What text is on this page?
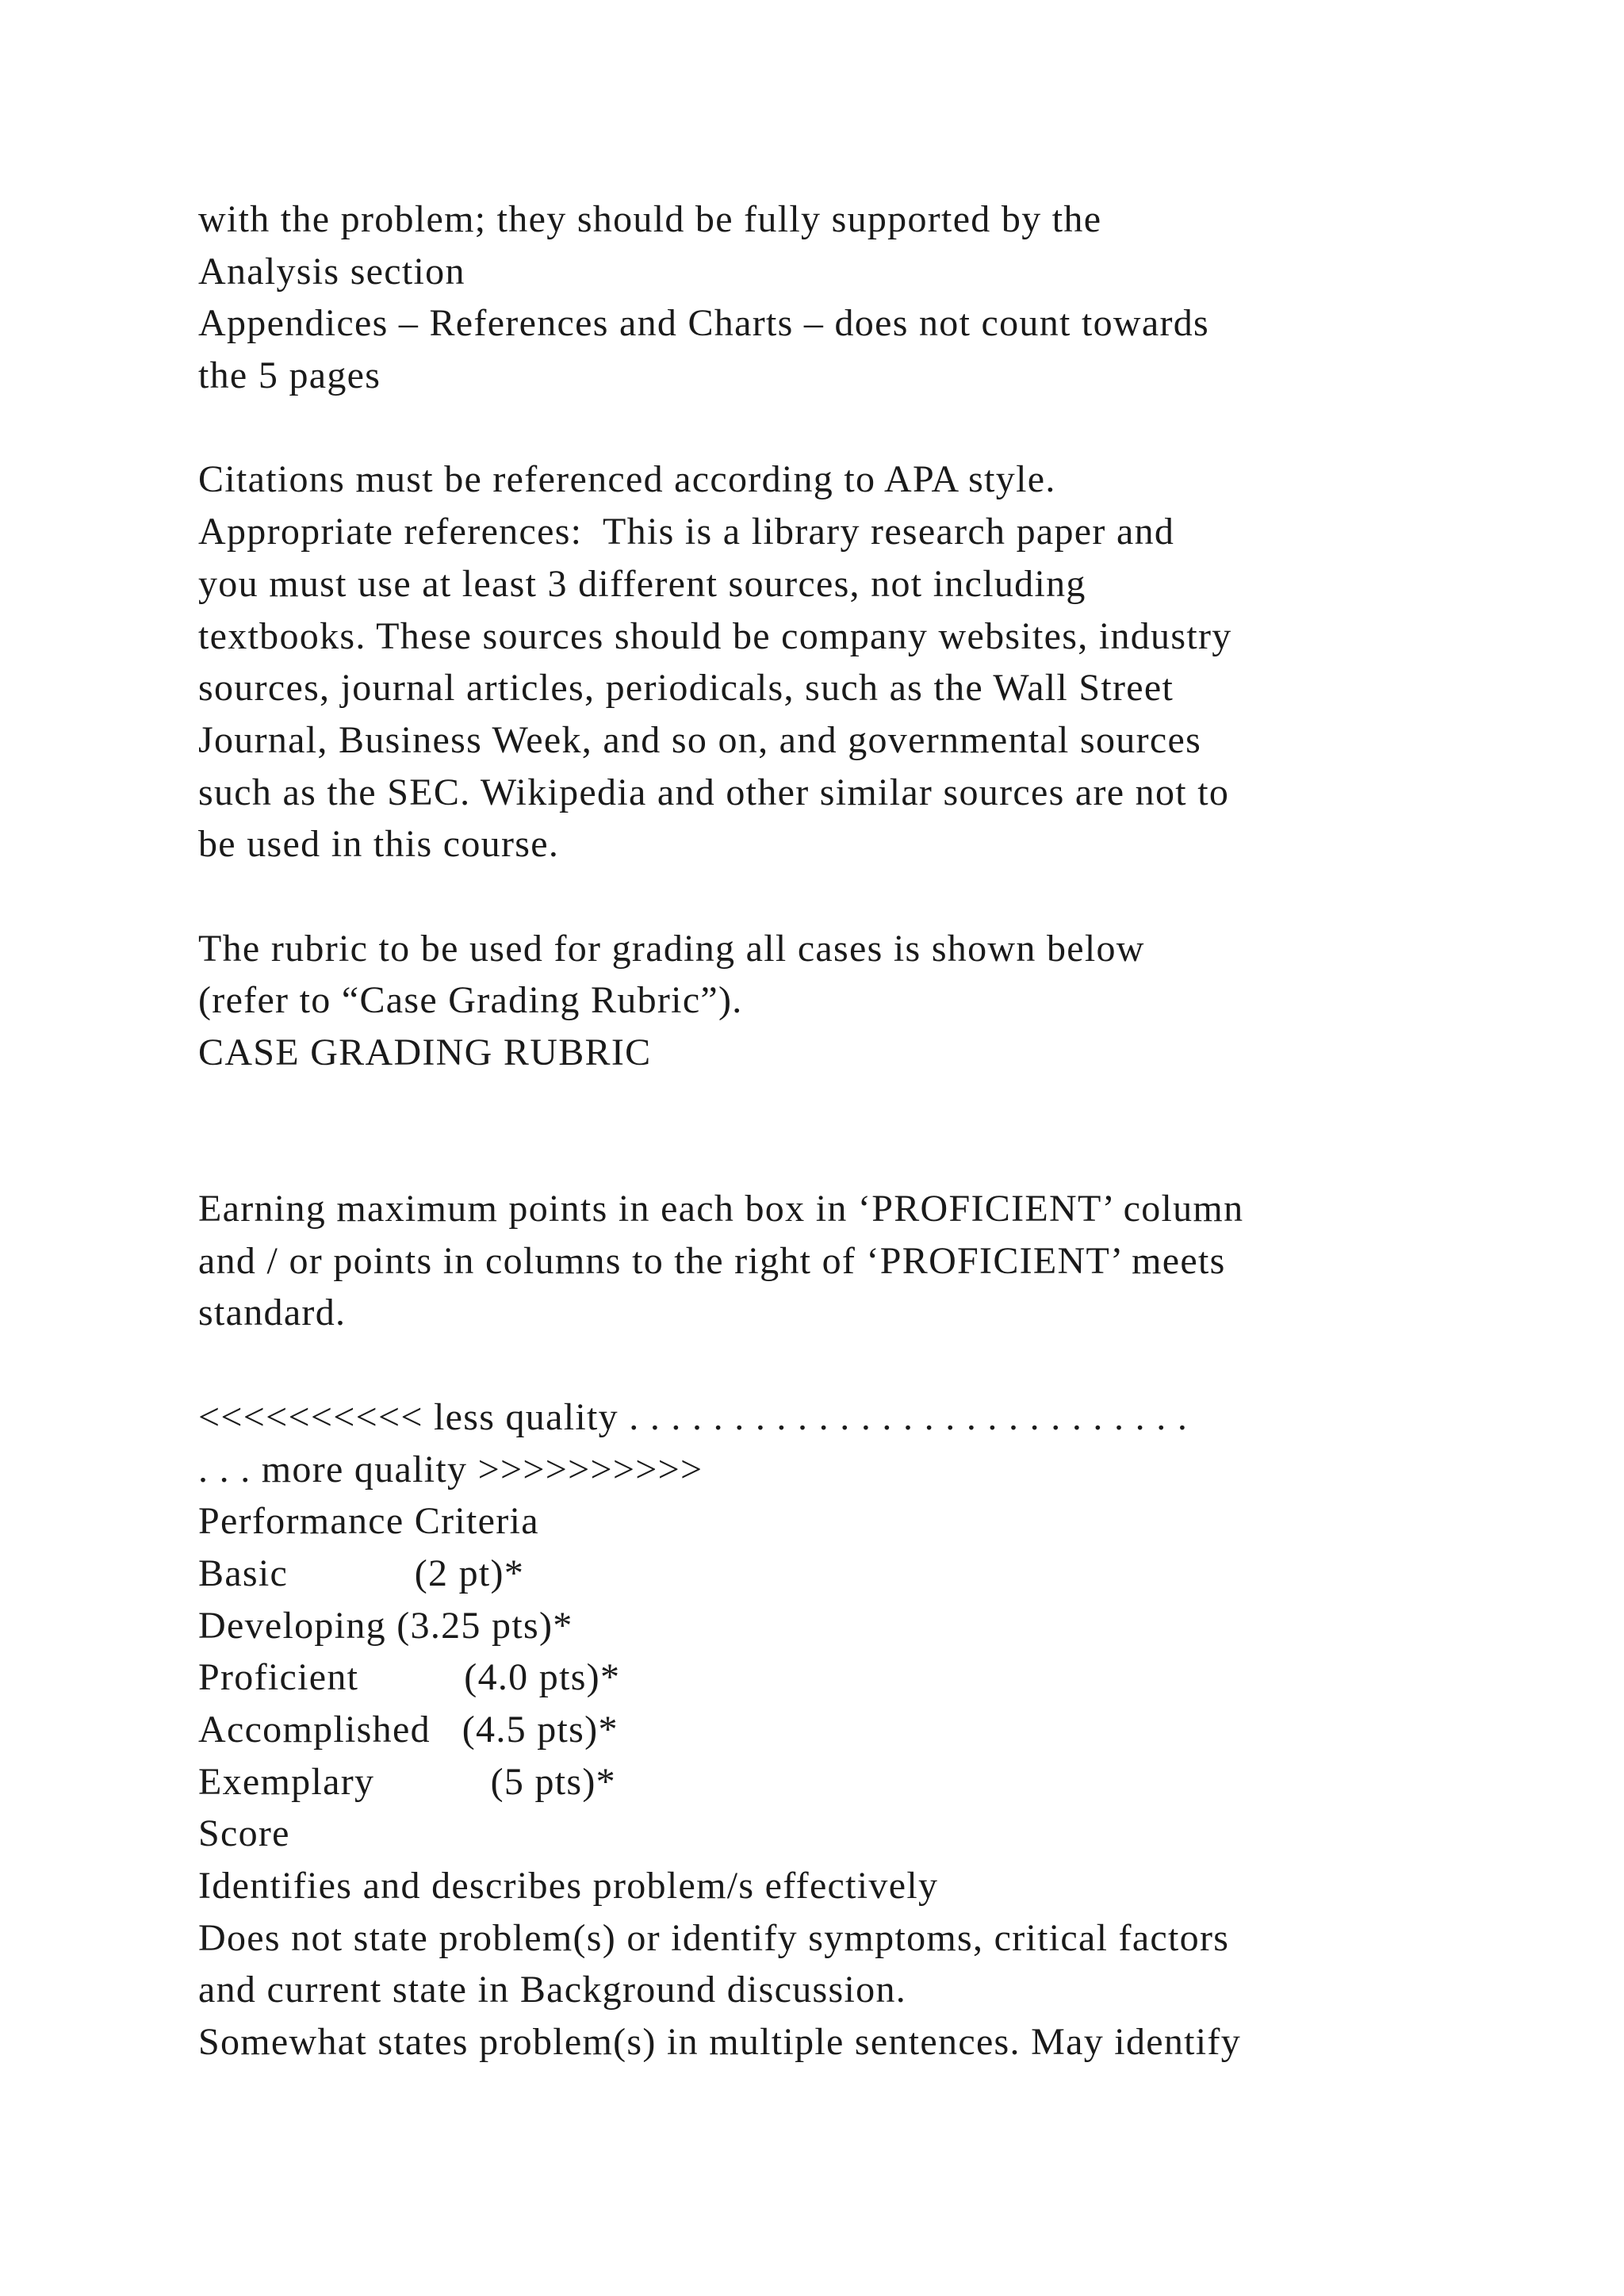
with the problem; they should be fully supported by the
Analysis section
Appendices – References and Charts – does not count towards
the 5 pages
Citations must be referenced according to APA style.
Appropriate references:  This is a library research paper and
you must use at least 3 different sources, not including
textbooks. These sources should be company websites, industry
sources, journal articles, periodicals, such as the Wall Street
Journal, Business Week, and so on, and governmental sources
such as the SEC. Wikipedia and other similar sources are not to
be used in this course.
The rubric to be used for grading all cases is shown below
(refer to “Case Grading Rubric”).
CASE GRADING RUBRIC
Earning maximum points in each box in ‘PROFICIENT’ column
and / or points in columns to the right of ‘PROFICIENT’ meets
standard.
<<<<<<<<<< less quality . . . . . . . . . . . . . . . . . . . . . . . . . . .
. . . more quality >>>>>>>>>>
Performance Criteria
Basic            (2 pt)*
Developing (3.25 pts)*
Proficient          (4.0 pts)*
Accomplished   (4.5 pts)*
Exemplary           (5 pts)*
Score
Identifies and describes problem/s effectively
Does not state problem(s) or identify symptoms, critical factors
and current state in Background discussion.
Somewhat states problem(s) in multiple sentences. May identify
